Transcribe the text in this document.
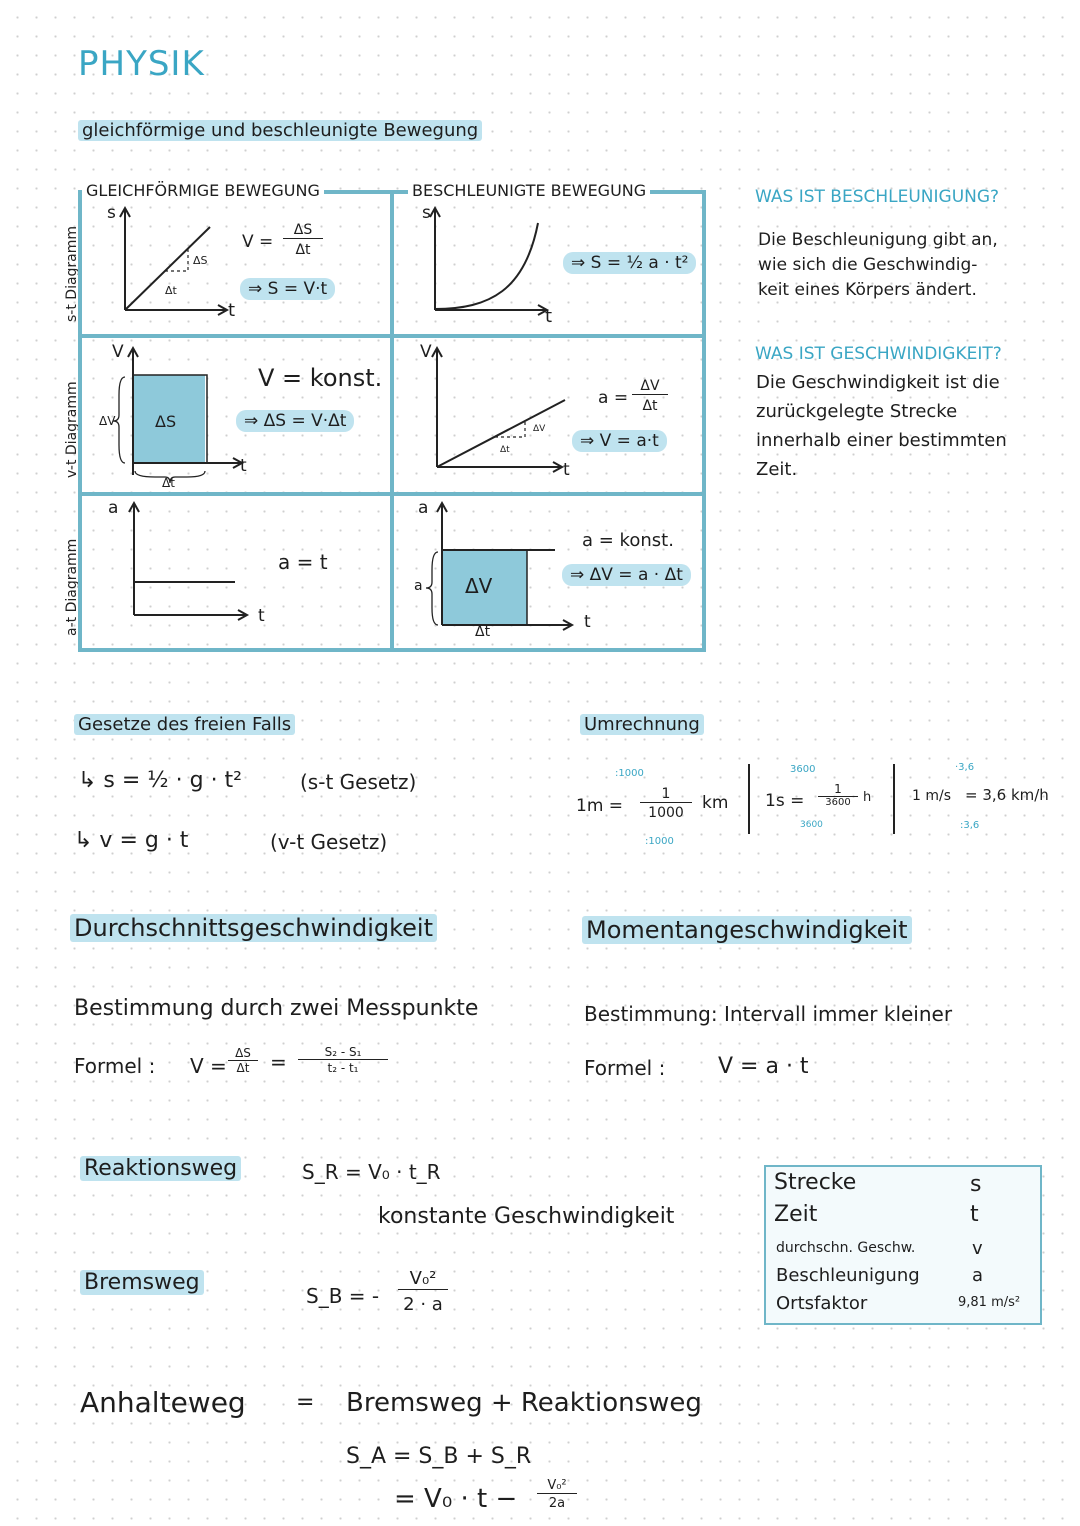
PHYSIK
gleichförmige und beschleunigte Bewegung
s-t Diagramm
v-t Diagramm
a-t Diagramm
GLEICHFÖRMIGE BEWEGUNG	BESCHLEUNIGTE BEWEGUNG
s
t
Δt
ΔS
V =
ΔS
Δt
⇒ S = V·t
s
t
⇒ S = ½ a · t²
V
t
ΔV ΔS
Δt
V = konst.
⇒ ΔS = V·Δt
V
t
ΔV
Δt
a =
ΔV
Δt
⇒ V = a·t
a
t
a = t
a
t
a ΔV
Δt
a = konst.
⇒ ΔV = a · Δt
WAS IST BESCHLEUNIGUNG?
Die Beschleunigung gibt an,
wie sich die Geschwindig-
keit eines Körpers ändert.
WAS IST GESCHWINDIGKEIT?
Die Geschwindigkeit ist die
zurückgelegte Strecke
innerhalb einer bestimmten
Zeit.
Gesetze des freien Falls
↳ s = ½ · g · t²	(s-t Gesetz)
↳ v = g · t	(v-t Gesetz)
Umrechnung
:1000
1m =
1
1000	km
:1000
3600
1s =
1
3600 h
3600
·3,6
1 m/s = 3,6 km/h
:3,6
Durchschnittsgeschwindigkeit
Bestimmung durch zwei Messpunkte
Formel : V =
ΔS
Δt	=	S₂ - S₁
t₂ - t₁
Momentangeschwindigkeit
Bestimmung: Intervall immer kleiner
Formel : V = a · t
Reaktionsweg	S_R = V₀ · t_R
konstante Geschwindigkeit
Bremsweg
S_B = -
V₀²
2 · a
Strecke	s
Zeit	t
durchschn. Geschw.	v
Beschleunigung	a
Ortsfaktor	9,81 m/s²
Anhalteweg = Bremsweg + Reaktionsweg
S_A = S_B + S_R
= V₀ · t −	V₀²
2a
